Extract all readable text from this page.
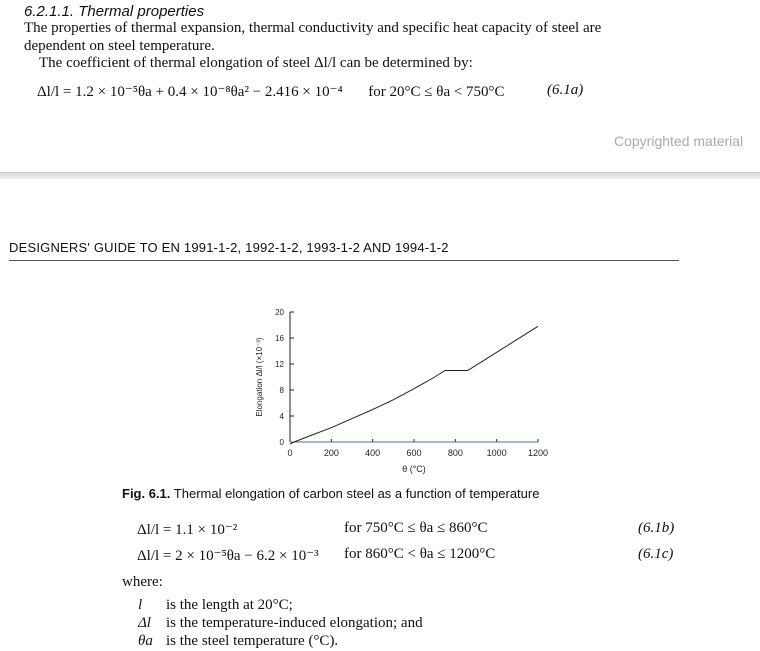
6.2.1.1. Thermal properties
The properties of thermal expansion, thermal conductivity and specific heat capacity of steel are dependent on steel temperature.
The coefficient of thermal elongation of steel Δl/l can be determined by:
Δl/l = 1.2 × 10⁻⁵θa + 0.4 × 10⁻⁸θa² − 2.416 × 10⁻⁴ for 20°C ≤ θa < 750°C	(6.1a)
Copyrighted material
DESIGNERS' GUIDE TO EN 1991-1-2, 1992-1-2, 1993-1-2 AND 1994-1-2
0
4
8
12
16
20
0	200	400	600	800	1000 1200
θ (°C)
Elongation Δl/l (×10⁻³)
Fig. 6.1. Thermal elongation of carbon steel as a function of temperature
Δl/l = 1.1 × 10⁻²	for 750°C ≤ θa ≤ 860°C	(6.1b)
Δl/l = 2 × 10⁻⁵θa − 6.2 × 10⁻³ for 860°C < θa ≤ 1200°C	(6.1c)
where:
l is the length at 20°C;
Δl is the temperature-induced elongation; and
θa is the steel temperature (°C).
